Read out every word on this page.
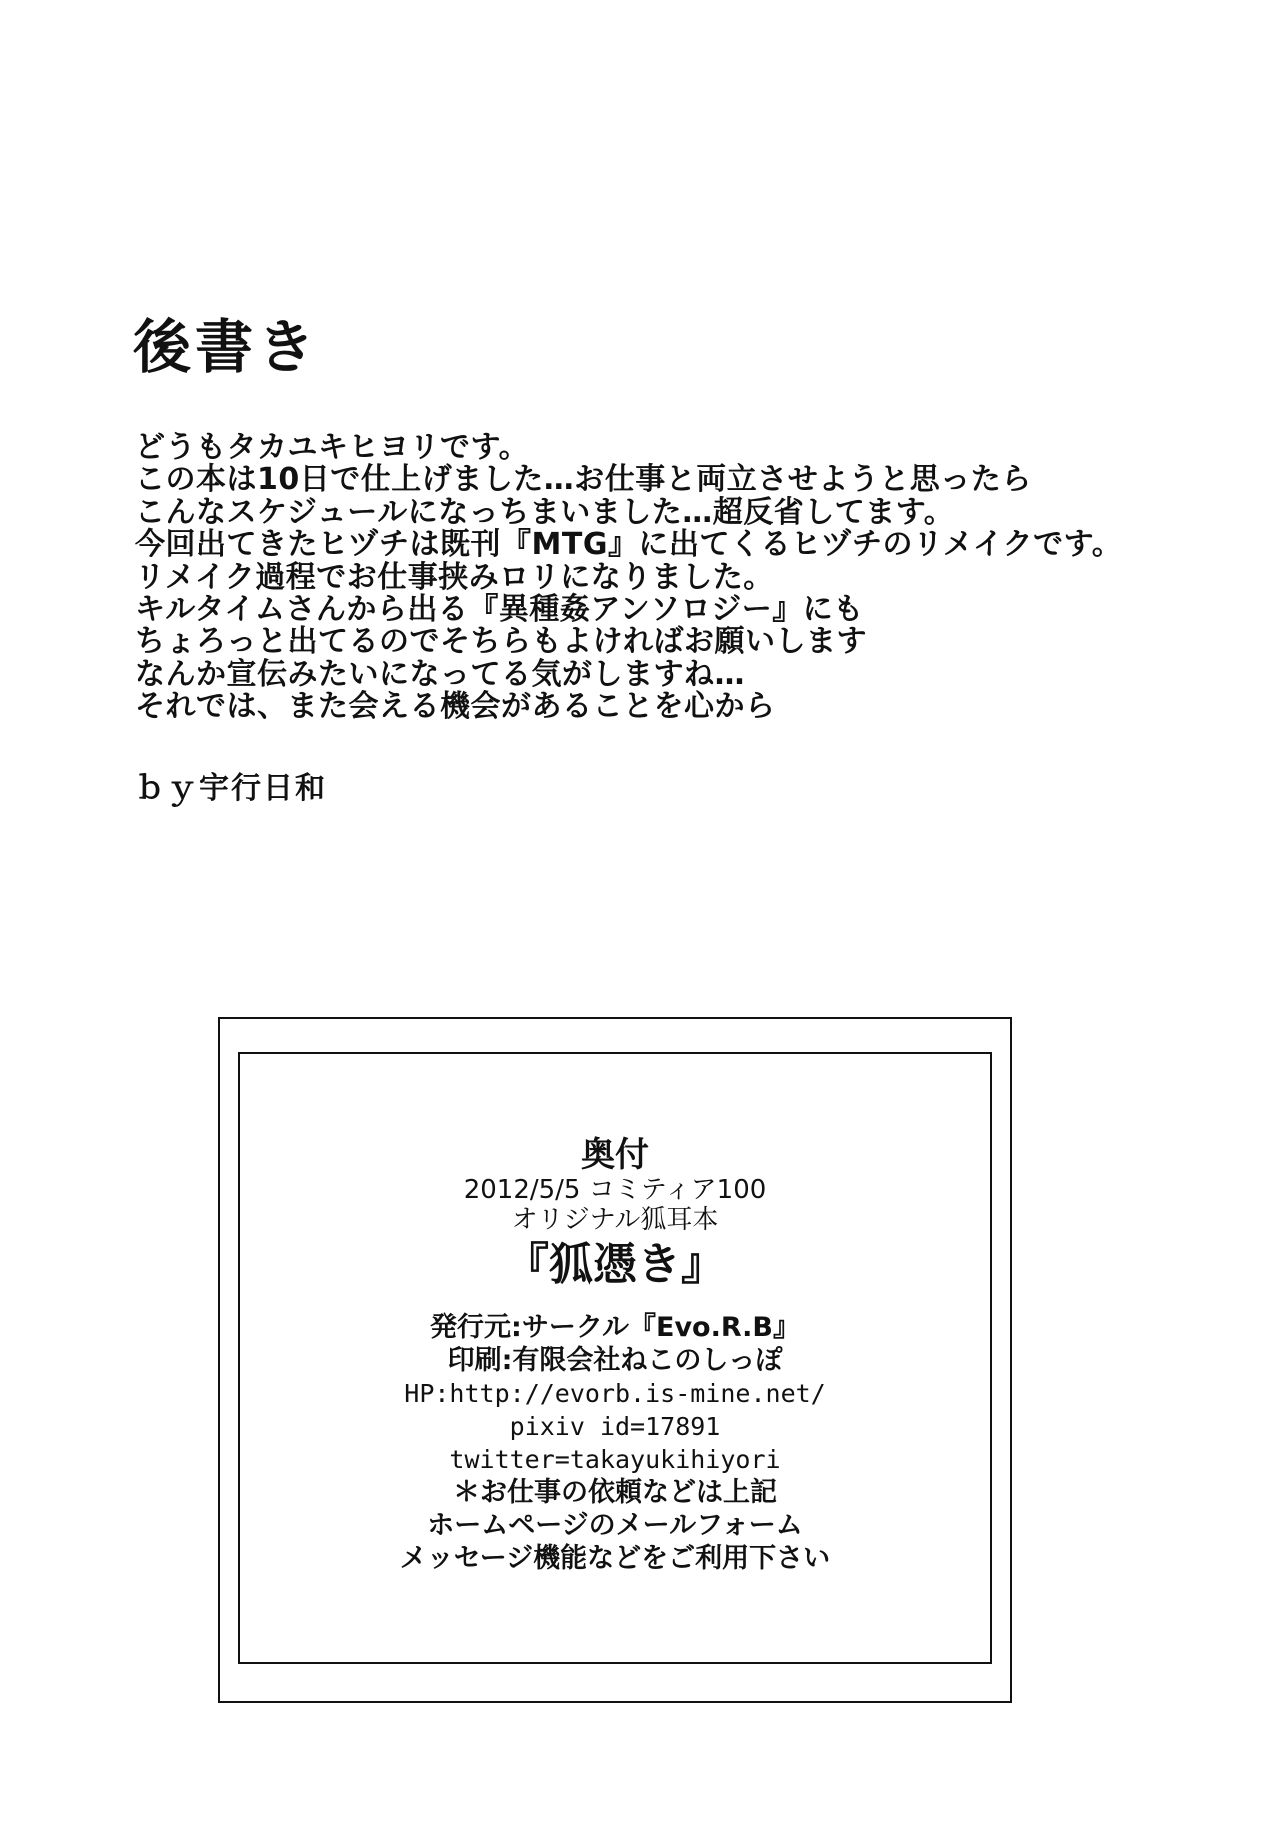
後書き
どうもタカユキヒヨリです。
この本は10日で仕上げました…お仕事と両立させようと思ったら
こんなスケジュールになっちまいました…超反省してます。
今回出てきたヒヅチは既刊『MTG』に出てくるヒヅチのリメイクです。
リメイク過程でお仕事挟みロリになりました。
キルタイムさんから出る『異種姦アンソロジー』にも
ちょろっと出てるのでそちらもよければお願いします
なんか宣伝みたいになってる気がしますね…
それでは、また会える機会があることを心から
ｂｙ宇行日和
奥付
2012/5/5 コミティア100
オリジナル狐耳本
『狐憑き』
発行元:サークル『Evo.R.B』
印刷:有限会社ねこのしっぽ
HP:http://evorb.is-mine.net/
pixiv id=17891
twitter=takayukihiyori
＊お仕事の依頼などは上記
ホームページのメールフォーム
メッセージ機能などをご利用下さい
